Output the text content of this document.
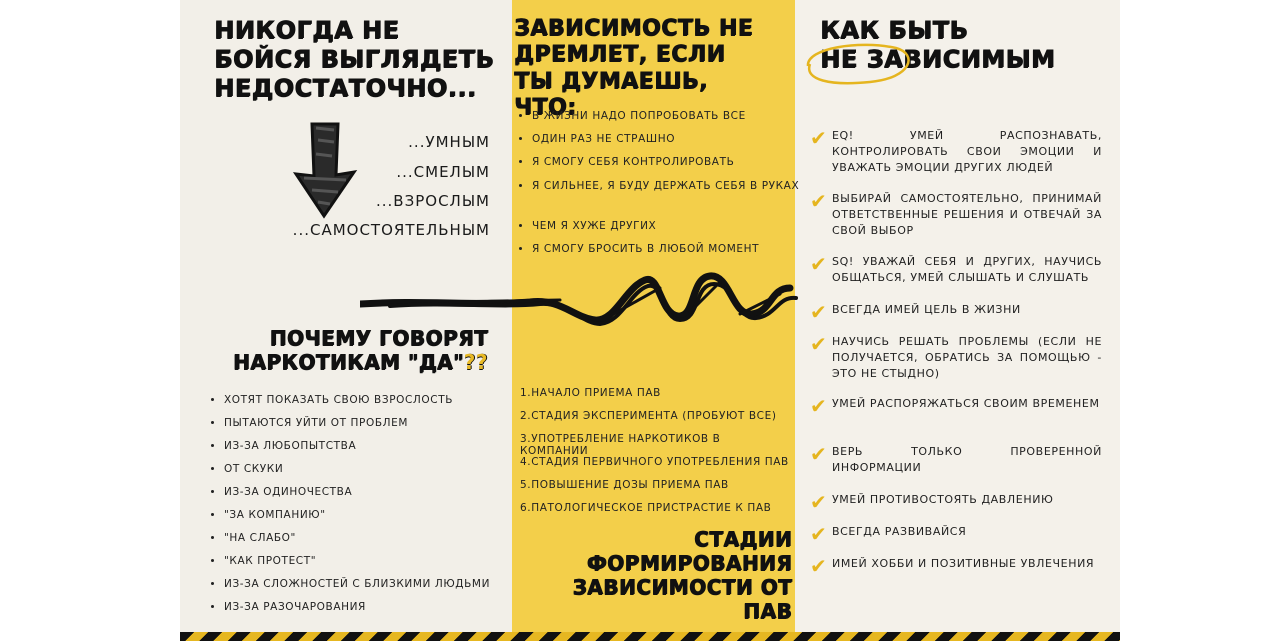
НИКОГДА НЕ БОЙСЯ ВЫГЛЯДЕТЬ НЕДОСТАТОЧНО...
...УМНЫМ
...СМЕЛЫМ
...ВЗРОСЛЫМ
...САМОСТОЯТЕЛЬНЫМ
ПОЧЕМУ ГОВОРЯТ НАРКОТИКАМ "ДА"??
• ХОТЯТ ПОКАЗАТЬ СВОЮ ВЗРОСЛОСТЬ
• ПЫТАЮТСЯ УЙТИ ОТ ПРОБЛЕМ
• ИЗ-ЗА ЛЮБОПЫТСТВА
• ОТ СКУКИ
• ИЗ-ЗА ОДИНОЧЕСТВА
• "ЗА КОМПАНИЮ"
• "НА СЛАБО"
• "КАК ПРОТЕСТ"
• ИЗ-ЗА СЛОЖНОСТЕЙ С БЛИЗКИМИ ЛЮДЬМИ
• ИЗ-ЗА РАЗОЧАРОВАНИЯ
ЗАВИСИМОСТЬ НЕ ДРЕМЛЕТ, ЕСЛИ ТЫ ДУМАЕШЬ, ЧТО:
• В ЖИЗНИ НАДО ПОПРОБОВАТЬ ВСЕ
• ОДИН РАЗ НЕ СТРАШНО
• Я СМОГУ СЕБЯ КОНТРОЛИРОВАТЬ
• Я СИЛЬНЕЕ, Я БУДУ ДЕРЖАТЬ СЕБЯ В РУКАХ
• ЧЕМ Я ХУЖЕ ДРУГИХ
• Я СМОГУ БРОСИТЬ В ЛЮБОЙ МОМЕНТ
1.НАЧАЛО ПРИЕМА ПАВ
2.СТАДИЯ ЭКСПЕРИМЕНТА (ПРОБУЮТ ВСЕ)
3.УПОТРЕБЛЕНИЕ НАРКОТИКОВ В КОМПАНИИ
4.СТАДИЯ ПЕРВИЧНОГО УПОТРЕБЛЕНИЯ ПАВ
5.ПОВЫШЕНИЕ ДОЗЫ ПРИЕМА ПАВ
6.ПАТОЛОГИЧЕСКОЕ ПРИСТРАСТИЕ К ПАВ
СТАДИИ ФОРМИРОВАНИЯ ЗАВИСИМОСТИ ОТ ПАВ
КАК БЫТЬ
НЕ ЗАВИСИМЫМ
✔ EQ! УМЕЙ РАСПОЗНАВАТЬ, КОНТРОЛИРОВАТЬ СВОИ ЭМОЦИИ И УВАЖАТЬ ЭМОЦИИ ДРУГИХ ЛЮДЕЙ
✔ ВЫБИРАЙ САМОСТОЯТЕЛЬНО, ПРИНИМАЙ ОТВЕТСТВЕННЫЕ РЕШЕНИЯ И ОТВЕЧАЙ ЗА СВОЙ ВЫБОР
✔ SQ! УВАЖАЙ СЕБЯ И ДРУГИХ, НАУЧИСЬ ОБЩАТЬСЯ, УМЕЙ СЛЫШАТЬ И СЛУШАТЬ
✔ ВСЕГДА ИМЕЙ ЦЕЛЬ В ЖИЗНИ
✔ НАУЧИСЬ РЕШАТЬ ПРОБЛЕМЫ (ЕСЛИ НЕ ПОЛУЧАЕТСЯ, ОБРАТИСЬ ЗА ПОМОЩЬЮ - ЭТО НЕ СТЫДНО)
✔ УМЕЙ РАСПОРЯЖАТЬСЯ СВОИМ ВРЕМЕНЕМ
✔ ВЕРЬ ТОЛЬКО ПРОВЕРЕННОЙ ИНФОРМАЦИИ
✔ УМЕЙ ПРОТИВОСТОЯТЬ ДАВЛЕНИЮ
✔ ВСЕГДА РАЗВИВАЙСЯ
✔ ИМЕЙ ХОББИ И ПОЗИТИВНЫЕ УВЛЕЧЕНИЯ
